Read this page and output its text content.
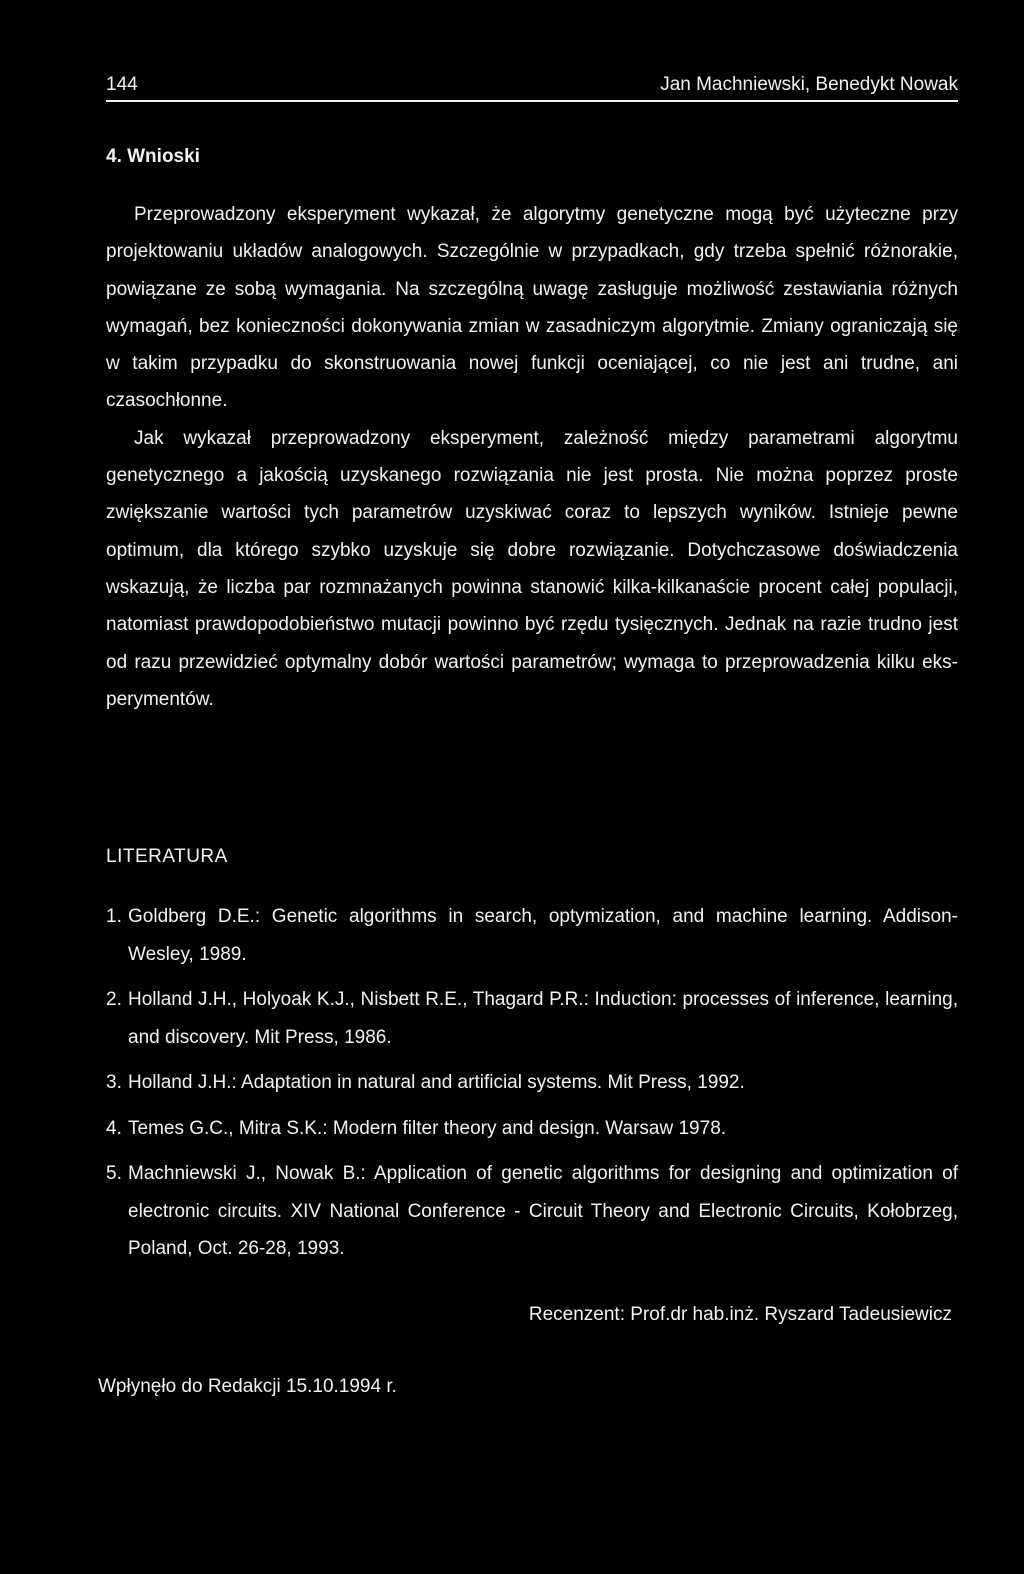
144	Jan Machniewski, Benedykt Nowak
4. Wnioski

Przeprowadzony eksperyment wykazał, że algorytmy genetyczne mogą być użyteczne przy projektowaniu układów analogowych. Szczególnie w przypadkach, gdy trzeba spełnić różnorakie, powiązane ze sobą wymagania. Na szczególną uwagę zasługuje możliwość zestawiania różnych wymagań, bez konieczności dokonywania zmian w zasadniczym algorytmie. Zmiany ograniczają się w takim przypadku do skonstruowania nowej funkcji oceniającej, co nie jest ani trudne, ani czasochłonne.

Jak wykazał przeprowadzony eksperyment, zależność między parametrami algorytmu genetycznego a jakością uzyskanego rozwiązania nie jest prosta. Nie można poprzez proste zwiększanie wartości tych parametrów uzyskiwać coraz to lepszych wyników. Istnieje pewne optimum, dla którego szybko uzyskuje się dobre rozwiązanie. Dotychczasowe doświadczenia wskazują, że liczba par rozmnażanych powinna stanowić kilka-kilkanaście procent całej populacji, natomiast prawdopodobieństwo mutacji powinno być rzędu tysięcznych. Jednak na razie trudno jest od razu przewidzieć optymalny dobór wartości parametrów; wymaga to przeprowadzenia kilku eksperymentów.

LITERATURA
1. Goldberg D.E.: Genetic algorithms in search, optymization, and machine learning. Addison-Wesley, 1989.
2. Holland J.H., Holyoak K.J., Nisbett R.E., Thagard P.R.: Induction: processes of inference, learning, and discovery. Mit Press, 1986.
3. Holland J.H.: Adaptation in natural and artificial systems. Mit Press, 1992.
4. Temes G.C., Mitra S.K.: Modern filter theory and design. Warsaw 1978.
5. Machniewski J., Nowak B.: Application of genetic algorithms for designing and optimization of electronic circuits. XIV National Conference - Circuit Theory and Electronic Circuits, Kołobrzeg, Poland, Oct. 26-28, 1993.
Recenzent: Prof.dr hab.inż. Ryszard Tadeusiewicz
Wpłynęło do Redakcji 15.10.1994 r.
